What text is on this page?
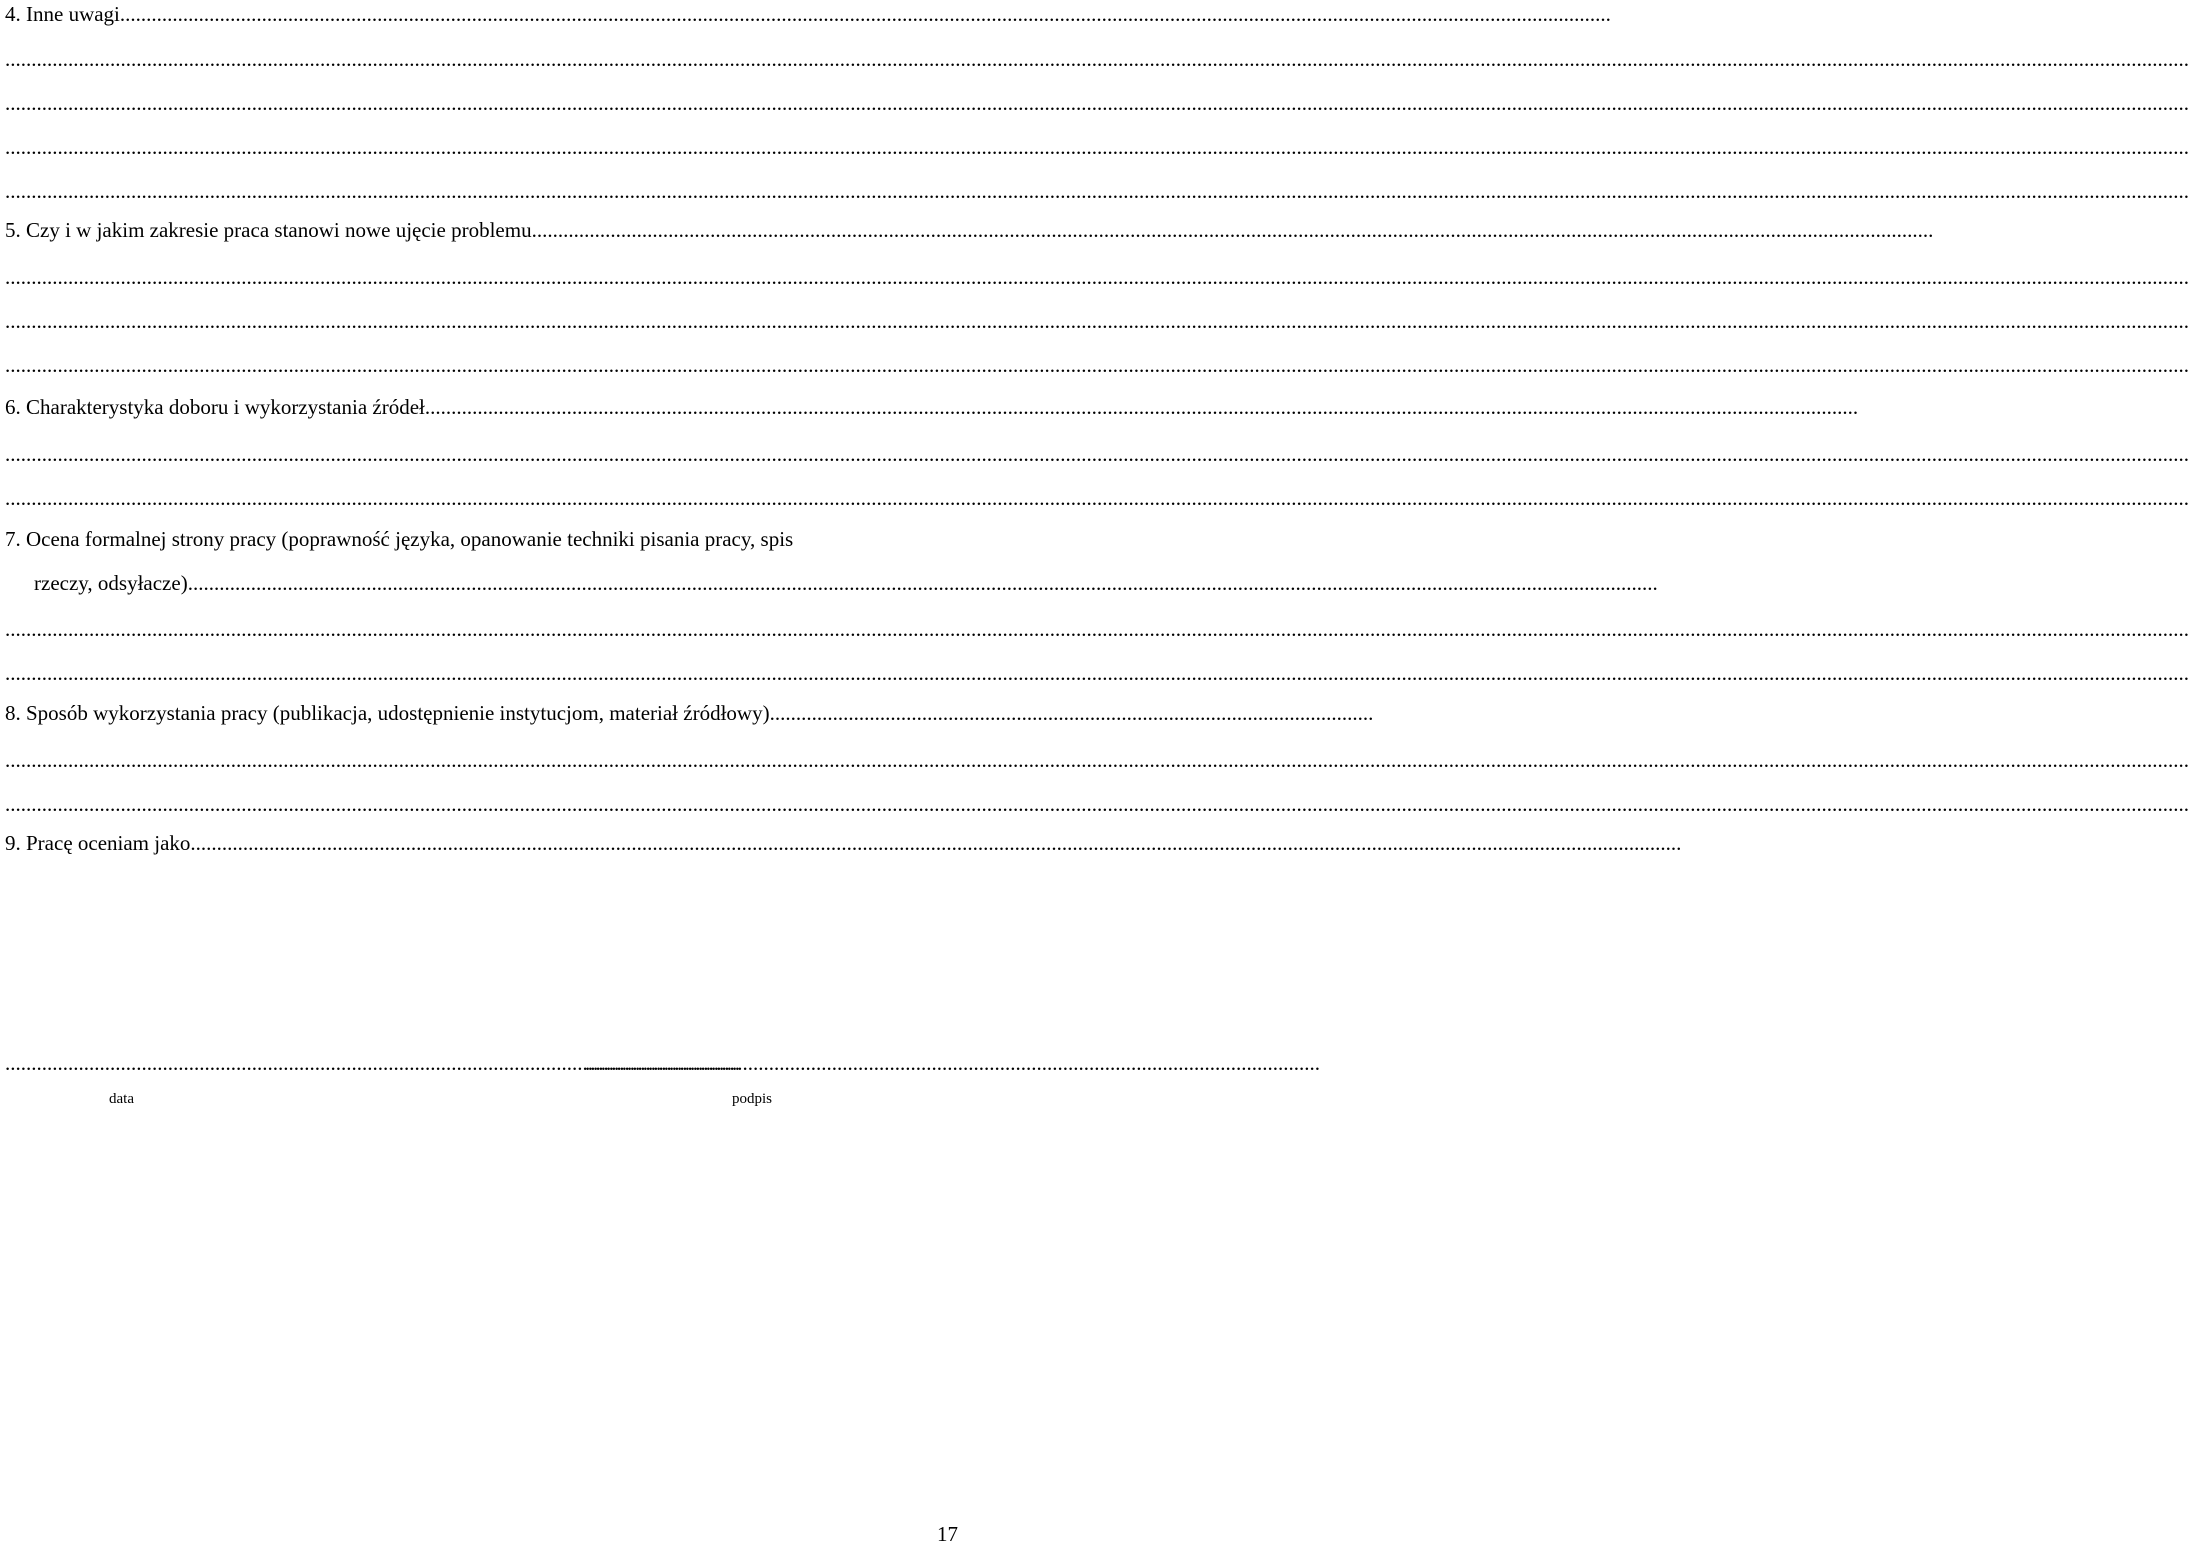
4. Inne uwagi............................................................................................................................................................................................................................................................................................
................................................................................................................................................................................................................................................................................................................................................................................................................................
................................................................................................................................................................................................................................................................................................................................................................................................................................
................................................................................................................................................................................................................................................................................................................................................................................................................................
................................................................................................................................................................................................................................................................................................................................................................................................................................
5. Czy i w jakim zakresie praca stanowi nowe ujęcie problemu...........................................................................................................................................................................................................................................................................
................................................................................................................................................................................................................................................................................................................................................................................................................................
................................................................................................................................................................................................................................................................................................................................................................................................................................
................................................................................................................................................................................................................................................................................................................................................................................................................................
6. Charakterystyka doboru i wykorzystania źródeł.................................................................................................................................................................................................................................................................................
................................................................................................................................................................................................................................................................................................................................................................................................................................
................................................................................................................................................................................................................................................................................................................................................................................................................................
7. Ocena formalnej strony pracy (poprawność języka, opanowanie techniki pisania pracy, spis
rzeczy, odsyłacze)........................................................................................................................................................................................................................................................................................
................................................................................................................................................................................................................................................................................................................................................................................................................................
................................................................................................................................................................................................................................................................................................................................................................................................................................
8. Sposób wykorzystania pracy (publikacja, udostępnienie instytucjom, materiał źródłowy)...................................................................................................................
................................................................................................................................................................................................................................................................................................................................................................................................................................
................................................................................................................................................................................................................................................................................................................................................................................................................................
9. Pracę oceniam jako............................................................................................................................................................................................................................................................................................
............................................................................................................................................
............................................................................................................................................
data	podpis
17
